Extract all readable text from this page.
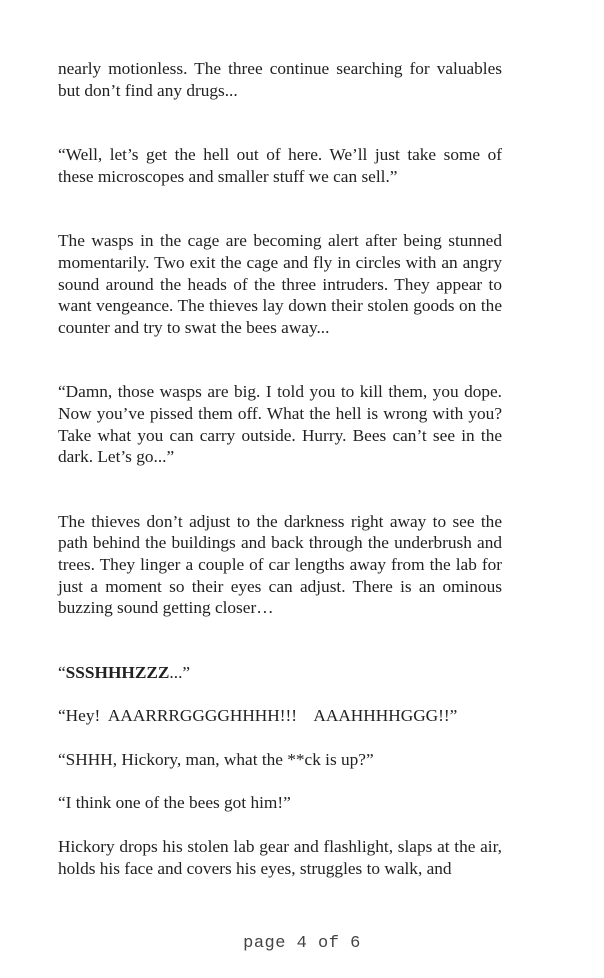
nearly motionless. The three continue searching for valuables but don’t find any drugs...

“Well, let’s get the hell out of here. We’ll just take some of these microscopes and smaller stuff we can sell.”

The wasps in the cage are becoming alert after being stunned momentarily. Two exit the cage and fly in circles with an angry sound around the heads of the three intruders. They appear to want vengeance. The thieves lay down their stolen goods on the counter and try to swat the bees away...

“Damn, those wasps are big. I told you to kill them, you dope. Now you’ve pissed them off. What the hell is wrong with you? Take what you can carry outside. Hurry. Bees can’t see in the dark. Let’s go...”

The thieves don’t adjust to the darkness right away to see the path behind the buildings and back through the underbrush and trees. They linger a couple of car lengths away from the lab for just a moment so their eyes can adjust. There is an ominous buzzing sound getting closer…

“SSSHHHZZZ...”

“Hey!  AAARRRGGGGHHHH!!!    AAAHHHHGGG!!”

“SHHH, Hickory, man, what the **ck is up?”

“I think one of the bees got him!”

Hickory drops his stolen lab gear and flashlight, slaps at the air, holds his face and covers his eyes, struggles to walk, and

page 4 of 6
